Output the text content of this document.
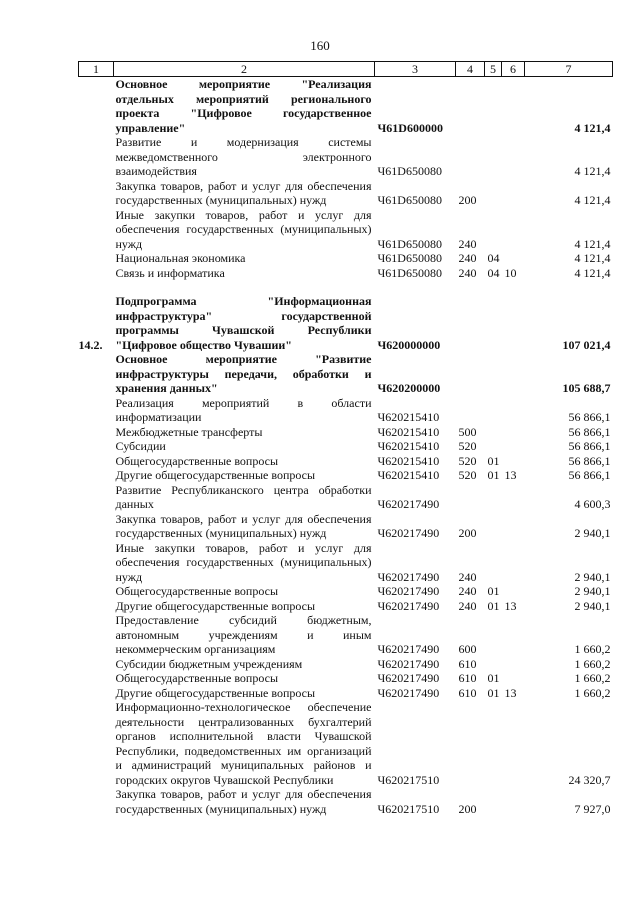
160
1	2	3	4	5	6	7
	Основное мероприятие "Реализация отдельных мероприятий регионального проекта "Цифровое государственное управление"	Ч61D600000				4 121,4
	Развитие и модернизация системы межведомственного электронного взаимодействия	Ч61D650080				4 121,4
	Закупка товаров, работ и услуг для обеспечения государственных (муниципальных) нужд	Ч61D650080	200			4 121,4
	Иные закупки товаров, работ и услуг для обеспечения государственных (муниципальных) нужд	Ч61D650080	240			4 121,4
	Национальная экономика	Ч61D650080	240	04		4 121,4
	Связь и информатика	Ч61D650080	240	04	10	4 121,4

14.2.	Подпрограмма "Информационная инфраструктура" государственной программы Чувашской Республики "Цифровое общество Чувашии"	Ч620000000				107 021,4
	Основное мероприятие "Развитие инфраструктуры передачи, обработки и хранения данных"	Ч620200000				105 688,7
	Реализация мероприятий в области информатизации	Ч620215410				56 866,1
	Межбюджетные трансферты	Ч620215410	500			56 866,1
	Субсидии	Ч620215410	520			56 866,1
	Общегосударственные вопросы	Ч620215410	520	01		56 866,1
	Другие общегосударственные вопросы	Ч620215410	520	01	13	56 866,1
	Развитие Республиканского центра обработки данных	Ч620217490				4 600,3
	Закупка товаров, работ и услуг для обеспечения государственных (муниципальных) нужд	Ч620217490	200			2 940,1
	Иные закупки товаров, работ и услуг для обеспечения государственных (муниципальных) нужд	Ч620217490	240			2 940,1
	Общегосударственные вопросы	Ч620217490	240	01		2 940,1
	Другие общегосударственные вопросы	Ч620217490	240	01	13	2 940,1
	Предоставление субсидий бюджетным, автономным учреждениям и иным некоммерческим организациям	Ч620217490	600			1 660,2
	Субсидии бюджетным учреждениям	Ч620217490	610			1 660,2
	Общегосударственные вопросы	Ч620217490	610	01		1 660,2
	Другие общегосударственные вопросы	Ч620217490	610	01	13	1 660,2
	Информационно-технологическое обеспечение деятельности централизованных бухгалтерий органов исполнительной власти Чувашской Республики, подведомственных им организаций и администраций муниципальных районов и городских округов Чувашской Республики	Ч620217510				24 320,7
	Закупка товаров, работ и услуг для обеспечения государственных (муниципальных) нужд	Ч620217510	200			7 927,0
